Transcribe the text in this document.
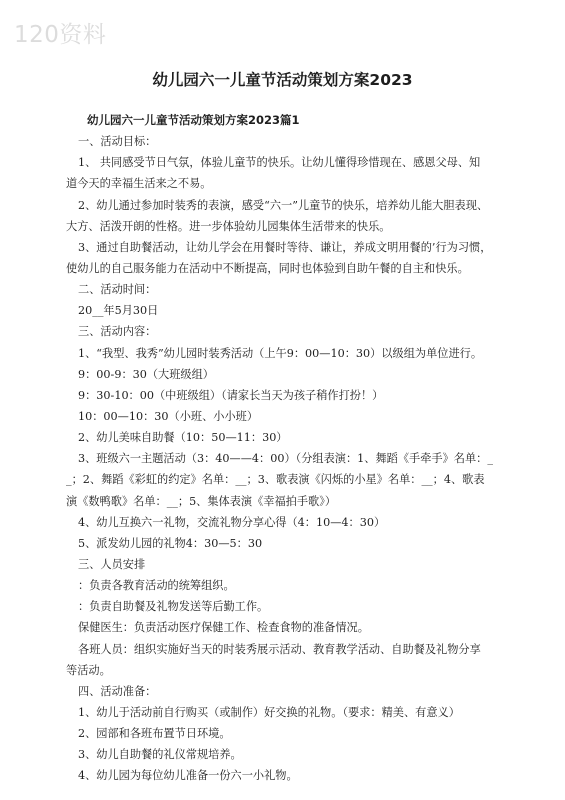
120资料
幼儿园六一儿童节活动策划方案2023
幼儿园六一儿童节活动策划方案2023篇1
一、活动目标：
1、 共同感受节日气氛，体验儿童节的快乐。让幼儿懂得珍惜现在、感恩父母、知
道今天的幸福生活来之不易。
2、幼儿通过参加时装秀的表演，感受“六一”儿童节的快乐，培养幼儿能大胆表现、
大方、活泼开朗的性格。进一步体验幼儿园集体生活带来的快乐。
3、通过自助餐活动，让幼儿学会在用餐时等待、谦让，养成文明用餐的’行为习惯，
使幼儿的自己服务能力在活动中不断提高，同时也体验到自助午餐的自主和快乐。
二、活动时间：
20__年5月30日
三、活动内容：
1、“我型、我秀”幼儿园时装秀活动（上午9：00—10：30）以级组为单位进行。
9：00-9：30（大班级组）
9：30-10：00（中班级组）（请家长当天为孩子稍作打扮！）
10：00—10：30（小班、小小班）
2、幼儿美味自助餐（10：50—11：30）
3、班级六一主题活动（3：40——4：00）（分组表演：1、舞蹈《手牵手》名单：_
_；2、舞蹈《彩虹的约定》名单：__；3、歌表演《闪烁的小星》名单：__；4、歌表
演《数鸭歌》名单：__；5、集体表演《幸福拍手歌》）
4、幼儿互换六一礼物，交流礼物分享心得（4：10—4：30）
5、派发幼儿园的礼物4：30—5：30
三、人员安排
：负责各教育活动的统筹组织。
：负责自助餐及礼物发送等后勤工作。
保健医生：负责活动医疗保健工作、检查食物的准备情况。
各班人员：组织实施好当天的时装秀展示活动、教育教学活动、自助餐及礼物分享
等活动。
四、活动准备：
1、幼儿于活动前自行购买（或制作）好交换的礼物。（要求：精美、有意义）
2、园部和各班布置节日环境。
3、幼儿自助餐的礼仪常规培养。
4、幼儿园为每位幼儿准备一份六一小礼物。
